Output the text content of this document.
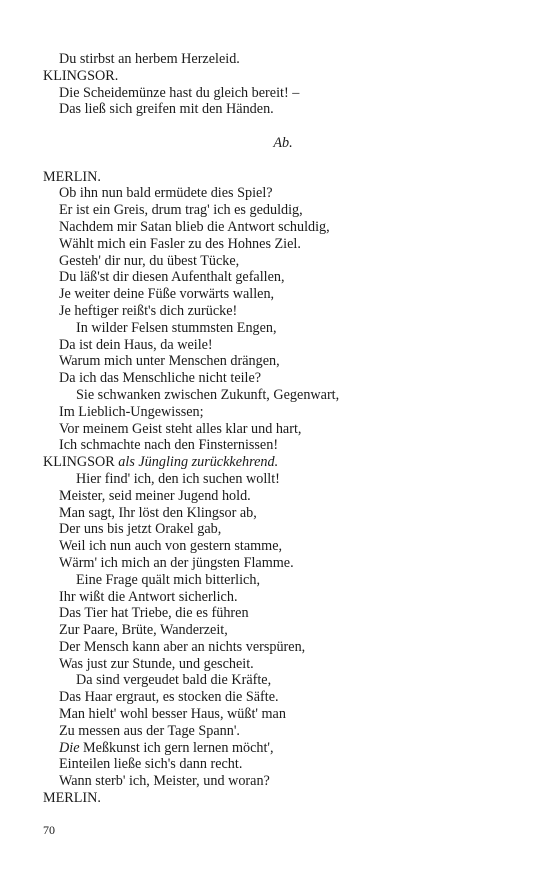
Du stirbst an herbem Herzeleid.
KLINGSOR.
Die Scheidemünze hast du gleich bereit! –
Das ließ sich greifen mit den Händen.
Ab.
MERLIN.
Ob ihn nun bald ermüdete dies Spiel?
Er ist ein Greis, drum trag' ich es geduldig,
Nachdem mir Satan blieb die Antwort schuldig,
Wählt mich ein Fasler zu des Hohnes Ziel.
Gesteh' dir nur, du übest Tücke,
Du läß'st dir diesen Aufenthalt gefallen,
Je weiter deine Füße vorwärts wallen,
Je heftiger reißt's dich zurücke!
In wilder Felsen stummsten Engen,
Da ist dein Haus, da weile!
Warum mich unter Menschen drängen,
Da ich das Menschliche nicht teile?
Sie schwanken zwischen Zukunft, Gegenwart,
Im Lieblich-Ungewissen;
Vor meinem Geist steht alles klar und hart,
Ich schmachte nach den Finsternissen!
KLINGSOR als Jüngling zurückkehrend.
Hier find' ich, den ich suchen wollt!
Meister, seid meiner Jugend hold.
Man sagt, Ihr löst den Klingsor ab,
Der uns bis jetzt Orakel gab,
Weil ich nun auch von gestern stamme,
Wärm' ich mich an der jüngsten Flamme.
Eine Frage quält mich bitterlich,
Ihr wißt die Antwort sicherlich.
Das Tier hat Triebe, die es führen
Zur Paare, Brüte, Wanderzeit,
Der Mensch kann aber an nichts verspüren,
Was just zur Stunde, und gescheit.
Da sind vergeudet bald die Kräfte,
Das Haar ergraut, es stocken die Säfte.
Man hielt' wohl besser Haus, wüßt' man
Zu messen aus der Tage Spann'.
Die Meßkunst ich gern lernen möcht',
Einteilen ließe sich's dann recht.
Wann sterb' ich, Meister, und woran?
MERLIN.
70
